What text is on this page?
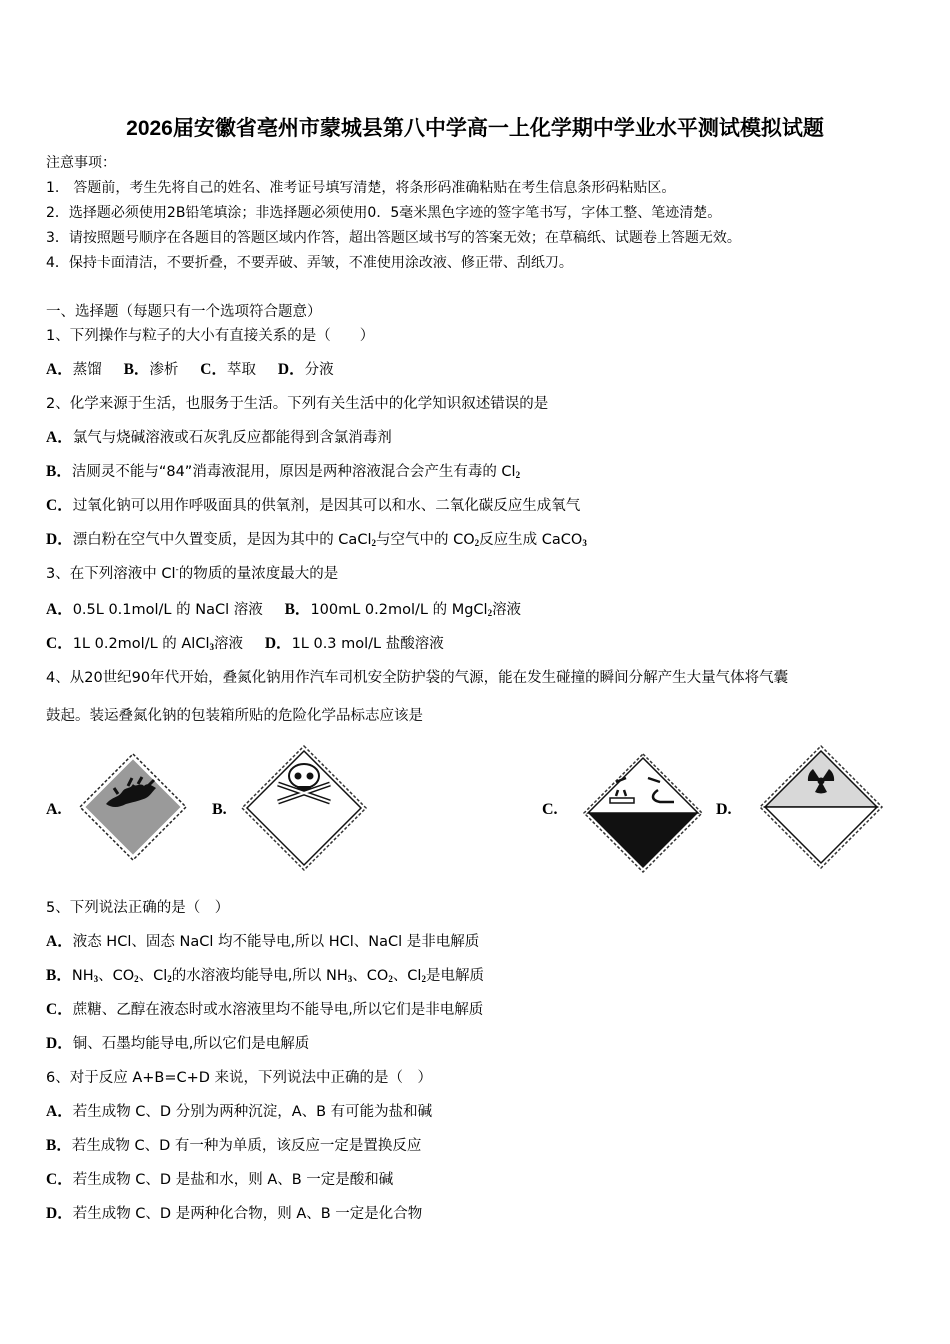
2026届安徽省亳州市蒙城县第八中学高一上化学期中学业水平测试模拟试题
注意事项：
1.　答题前，考生先将自己的姓名、准考证号填写清楚，将条形码准确粘贴在考生信息条形码粘贴区。
2．选择题必须使用2B铅笔填涂；非选择题必须使用0．5毫米黑色字迹的签字笔书写，字体工整、笔迹清楚。
3．请按照题号顺序在各题目的答题区域内作答，超出答题区域书写的答案无效；在草稿纸、试题卷上答题无效。
4．保持卡面清洁，不要折叠，不要弄破、弄皱，不准使用涂改液、修正带、刮纸刀。
一、选择题（每题只有一个选项符合题意）
1、下列操作与粒子的大小有直接关系的是（　　）
A．蒸馏 B．渗析 C．萃取 D．分液
2、化学来源于生活，也服务于生活。下列有关生活中的化学知识叙述错误的是
A．氯气与烧碱溶液或石灰乳反应都能得到含氯消毒剂
B．洁厕灵不能与“84”消毒液混用，原因是两种溶液混合会产生有毒的 $Cl_2$
C．过氧化钠可以用作呼吸面具的供氧剂，是因其可以和水、二氧化碳反应生成氧气
D．漂白粉在空气中久置变质，是因为其中的 CaCl$_2$与空气中的 $CO_2$反应生成 CaCO$_3$
3、在下列溶液中 Cl-的物质的量浓度最大的是
A．0.5L 0.1mol/L 的 NaCl 溶液 B．100mL 0.2mol/L 的 MgCl$_2$溶液
C．1L 0.2mol/L 的 AlCl$_3$溶液 D．1L 0.3 mol/L 盐酸溶液
4、从20世纪90年代开始，叠氮化钠用作汽车司机安全防护袋的气源，能在发生碰撞的瞬间分解产生大量气体将气囊
鼓起。装运叠氮化钠的包装箱所贴的危险化学品标志应该是
A.	B.	C.	D.
5、下列说法正确的是（　）
A．液态 HCl、固态 NaCl 均不能导电,所以 HCl、NaCl 是非电解质
B．$NH_3$、$CO_2$、$Cl_2$的水溶液均能导电,所以 $NH_3$、$CO_2$、$Cl_2$是电解质
C．蔗糖、乙醇在液态时或水溶液里均不能导电,所以它们是非电解质
D．铜、石墨均能导电,所以它们是电解质
6、对于反应 A+B=C+D 来说，下列说法中正确的是（　）
A．若生成物 C、D 分别为两种沉淀，A、B 有可能为盐和碱
B．若生成物 C、D 有一种为单质，该反应一定是置换反应
C．若生成物 C、D 是盐和水，则 A、B 一定是酸和碱
D．若生成物 C、D 是两种化合物，则 A、B 一定是化合物
